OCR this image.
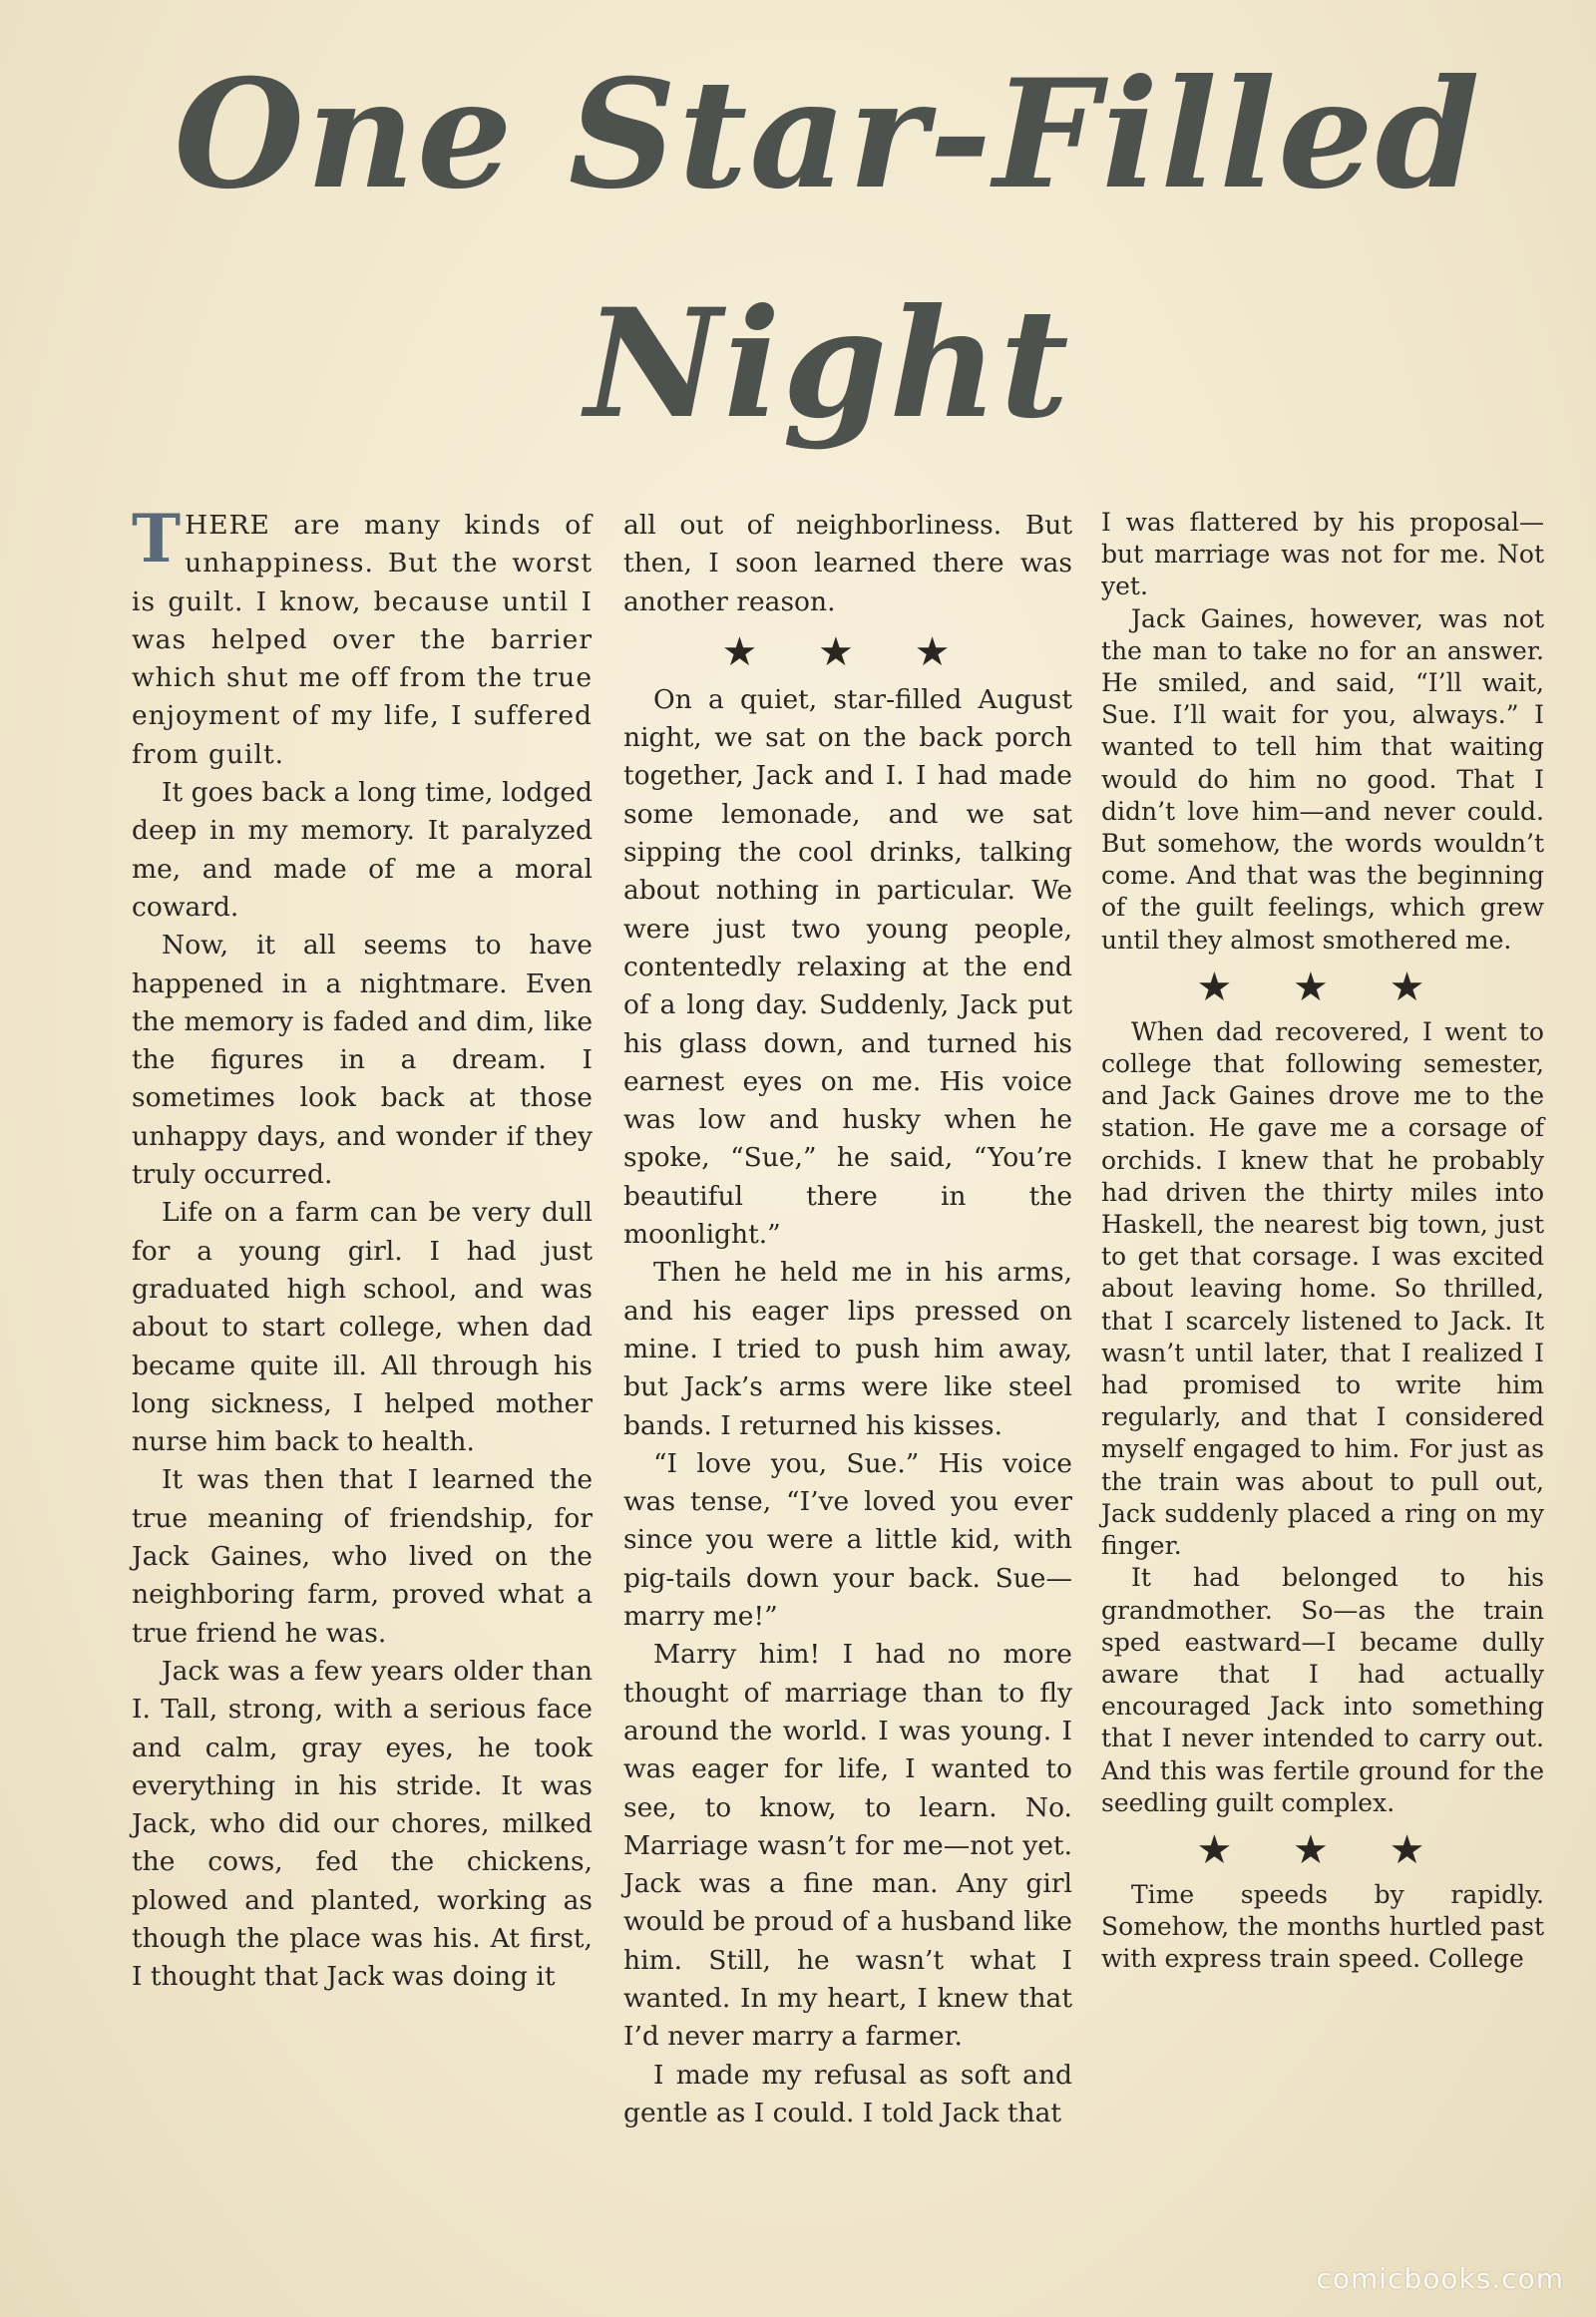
One Star-Filled
Night

THERE are many kinds of unhappiness. But the worst is guilt. I know, because until I was helped over the barrier which shut me off from the true enjoyment of my life, I suffered from guilt.

It goes back a long time, lodged deep in my memory. It paralyzed me, and made of me a moral coward.

Now, it all seems to have happened in a nightmare. Even the memory is faded and dim, like the figures in a dream. I sometimes look back at those unhappy days, and wonder if they truly occurred.

Life on a farm can be very dull for a young girl. I had just graduated high school, and was about to start college, when dad became quite ill. All through his long sickness, I helped mother nurse him back to health.

It was then that I learned the true meaning of friendship, for Jack Gaines, who lived on the neighboring farm, proved what a true friend he was.

Jack was a few years older than I. Tall, strong, with a serious face and calm, gray eyes, he took everything in his stride. It was Jack, who did our chores, milked the cows, fed the chickens, plowed and planted, working as though the place was his. At first, I thought that Jack was doing it

all out of neighborliness. But then, I soon learned there was another reason.

★ ★ ★

On a quiet, star-filled August night, we sat on the back porch together, Jack and I. I had made some lemonade, and we sat sipping the cool drinks, talking about nothing in particular. We were just two young people, contentedly relaxing at the end of a long day. Suddenly, Jack put his glass down, and turned his earnest eyes on me. His voice was low and husky when he spoke, “Sue,” he said, “You’re beautiful there in the moonlight.”

Then he held me in his arms, and his eager lips pressed on mine. I tried to push him away, but Jack’s arms were like steel bands. I returned his kisses.

“I love you, Sue.” His voice was tense, “I’ve loved you ever since you were a little kid, with pig-tails down your back. Sue—marry me!”

Marry him! I had no more thought of marriage than to fly around the world. I was young. I was eager for life, I wanted to see, to know, to learn. No. Marriage wasn’t for me—not yet. Jack was a fine man. Any girl would be proud of a husband like him. Still, he wasn’t what I wanted. In my heart, I knew that I’d never marry a farmer.

I made my refusal as soft and gentle as I could. I told Jack that

I was flattered by his proposal—but marriage was not for me. Not yet.

Jack Gaines, however, was not the man to take no for an answer. He smiled, and said, “I’ll wait, Sue. I’ll wait for you, always.” I wanted to tell him that waiting would do him no good. That I didn’t love him—and never could. But somehow, the words wouldn’t come. And that was the beginning of the guilt feelings, which grew until they almost smothered me.

★ ★ ★

When dad recovered, I went to college that following semester, and Jack Gaines drove me to the station. He gave me a corsage of orchids. I knew that he probably had driven the thirty miles into Haskell, the nearest big town, just to get that corsage. I was excited about leaving home. So thrilled, that I scarcely listened to Jack. It wasn’t until later, that I realized I had promised to write him regularly, and that I considered myself engaged to him. For just as the train was about to pull out, Jack suddenly placed a ring on my finger.

It had belonged to his grandmother. So—as the train sped eastward—I became dully aware that I had actually encouraged Jack into something that I never intended to carry out. And this was fertile ground for the seedling guilt complex.

★ ★ ★

Time speeds by rapidly. Somehow, the months hurtled past with express train speed. College

comicbooks.com
